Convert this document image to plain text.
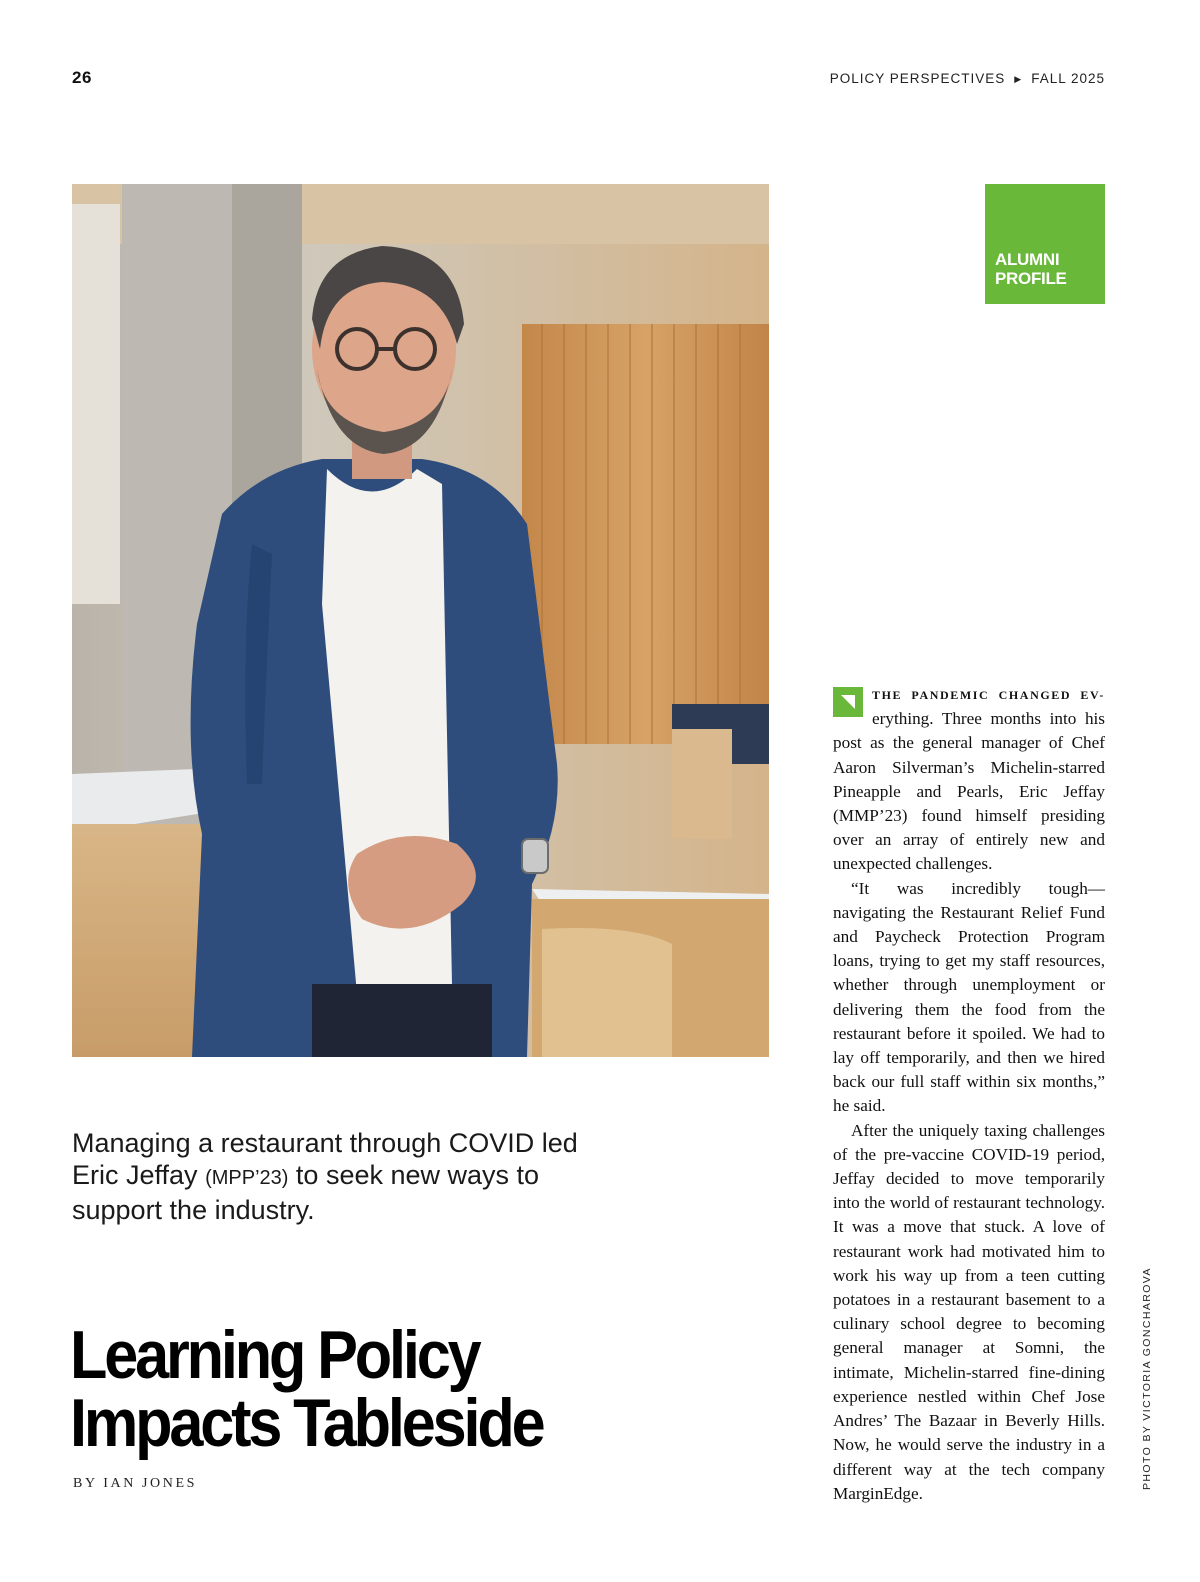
26	POLICY PERSPECTIVES ▶ FALL 2025
ALUMNI
PROFILE
Managing a restaurant through COVID led Eric Jeffay (MPP’23) to seek new ways to support the industry.
Learning Policy
Impacts Tableside
BY IAN JONES

THE PANDEMIC CHANGED EV- erything. Three months into his post as the general manager of Chef Aaron Silverman’s Michelin-starred Pineapple and Pearls, Eric Jeffay (MMP’23) found himself presiding over an array of entirely new and unexpected challenges.

“It was incredibly tough—navigating the Restaurant Relief Fund and Paycheck Protection Program loans, trying to get my staff resources, whether through unemployment or delivering them the food from the restaurant before it spoiled. We had to lay off temporarily, and then we hired back our full staff within six months,” he said.

After the uniquely taxing challenges of the pre-vaccine COVID-19 period, Jeffay decided to move temporarily into the world of restaurant technology. It was a move that stuck. A love of restaurant work had motivated him to work his way up from a teen cutting potatoes in a restaurant basement to a culinary school degree to becoming general manager at Somni, the intimate, Michelin-starred fine-dining experience nestled within Chef Jose Andres’ The Bazaar in Beverly Hills. Now, he would serve the industry in a different way at the tech company MarginEdge.

PHOTO BY VICTORIA GONCHAROVA
